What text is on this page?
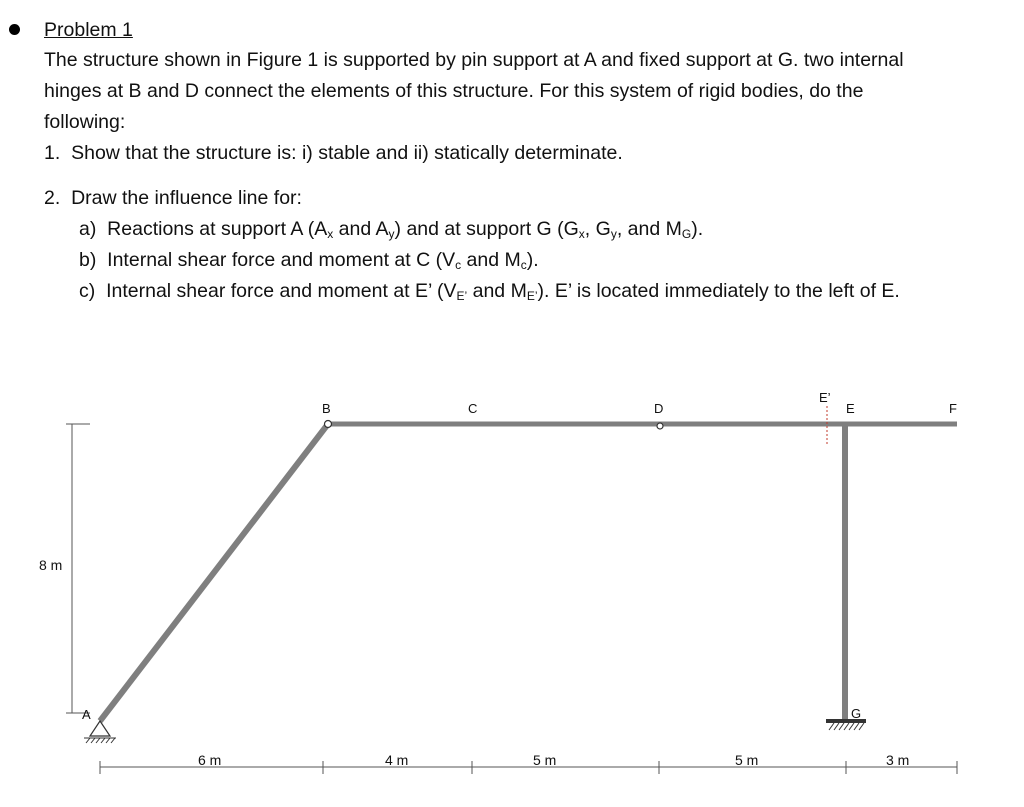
Problem 1
The structure shown in Figure 1 is supported by pin support at A and fixed support at G. two internal
hinges at B and D connect the elements of this structure. For this system of rigid bodies, do the
following:
1.  Show that the structure is: i) stable and ii) statically determinate.
2.  Draw the influence line for:
a)  Reactions at support A ($A_x$ and $A_y$) and at support G ($G_x$, $G_y$, and $M_G$).
b)  Internal shear force and moment at C ($V_c$ and $M_c$).
c)  Internal shear force and moment at E’ ($V_{E’}$ and $M_{E’}$). E’ is located immediately to the left of E.
8 m
6 m	4 m	5 m	5 m	3 m
A
B	C	D
E’
E	F
G
